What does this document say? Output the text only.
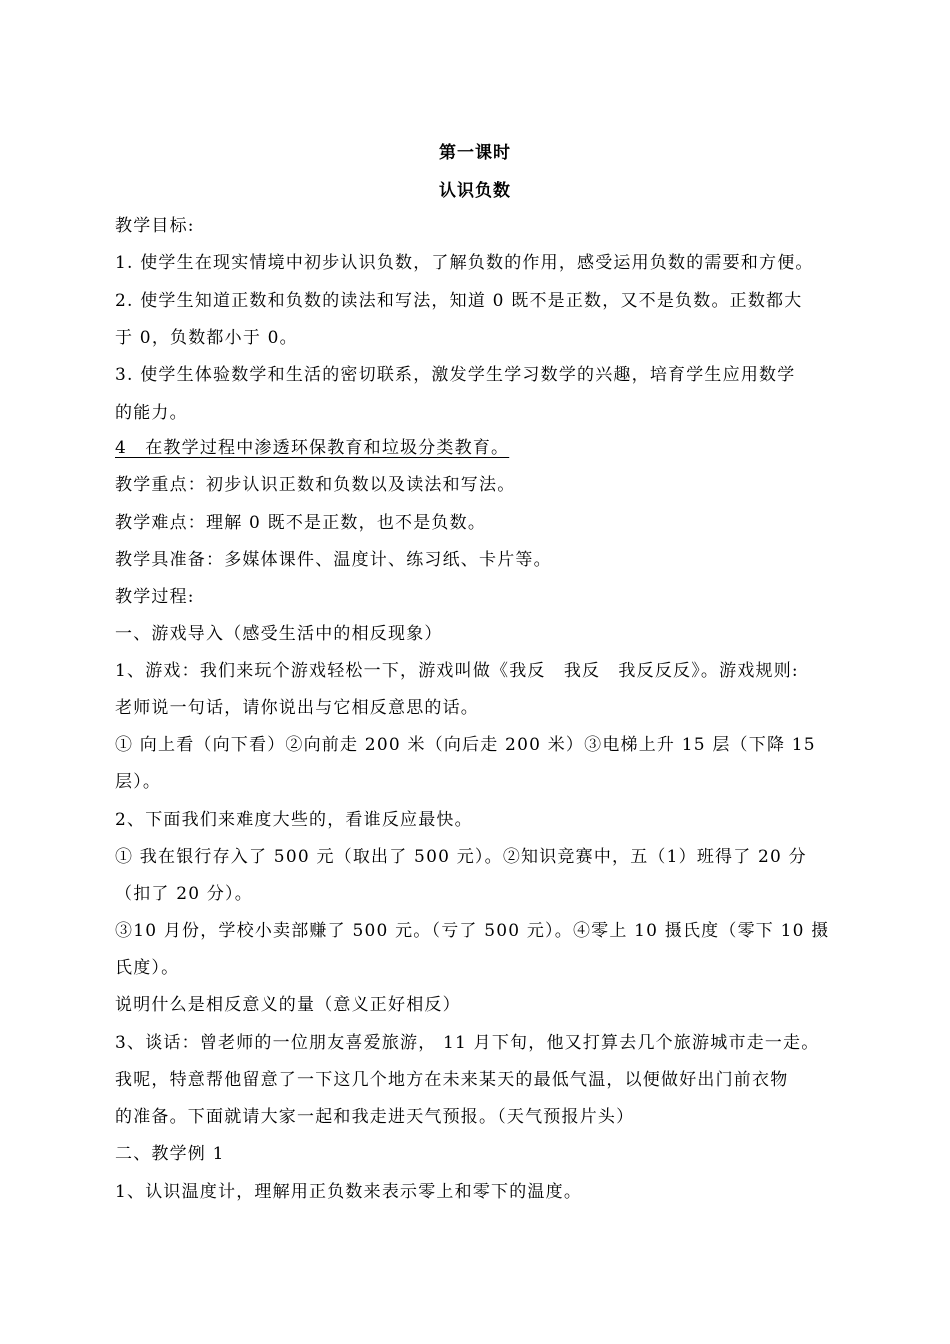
第一课时
认识负数
教学目标:
1. 使学生在现实情境中初步认识负数，了解负数的作用，感受运用负数的需要和方便。
2. 使学生知道正数和负数的读法和写法，知道 0 既不是正数，又不是负数。正数都大
于 0，负数都小于 0。
3. 使学生体验数学和生活的密切联系，激发学生学习数学的兴趣，培育学生应用数学
的能力。
4　在教学过程中渗透环保教育和垃圾分类教育。
教学重点：初步认识正数和负数以及读法和写法。
教学难点：理解 0 既不是正数，也不是负数。
教学具准备：多媒体课件、温度计、练习纸、卡片等。
教学过程:
一、游戏导入（感受生活中的相反现象）
1、游戏：我们来玩个游戏轻松一下，游戏叫做《我反　我反　我反反反》。游戏规则:
老师说一句话，请你说出与它相反意思的话。
① 向上看（向下看）②向前走 200 米（向后走 200 米）③电梯上升 15 层（下降 15
层）。
2、下面我们来难度大些的，看谁反应最快。
① 我在银行存入了 500 元（取出了 500 元）。②知识竞赛中，五（1）班得了 20 分
（扣了 20 分）。
③10 月份，学校小卖部赚了 500 元。（亏了 500 元）。④零上 10 摄氏度（零下 10 摄
氏度）。
说明什么是相反意义的量（意义正好相反）
3、谈话：曾老师的一位朋友喜爱旅游， 11 月下旬，他又打算去几个旅游城市走一走。
我呢，特意帮他留意了一下这几个地方在未来某天的最低气温，以便做好出门前衣物
的准备。下面就请大家一起和我走进天气预报。（天气预报片头）
二、教学例 1
1、认识温度计，理解用正负数来表示零上和零下的温度。
